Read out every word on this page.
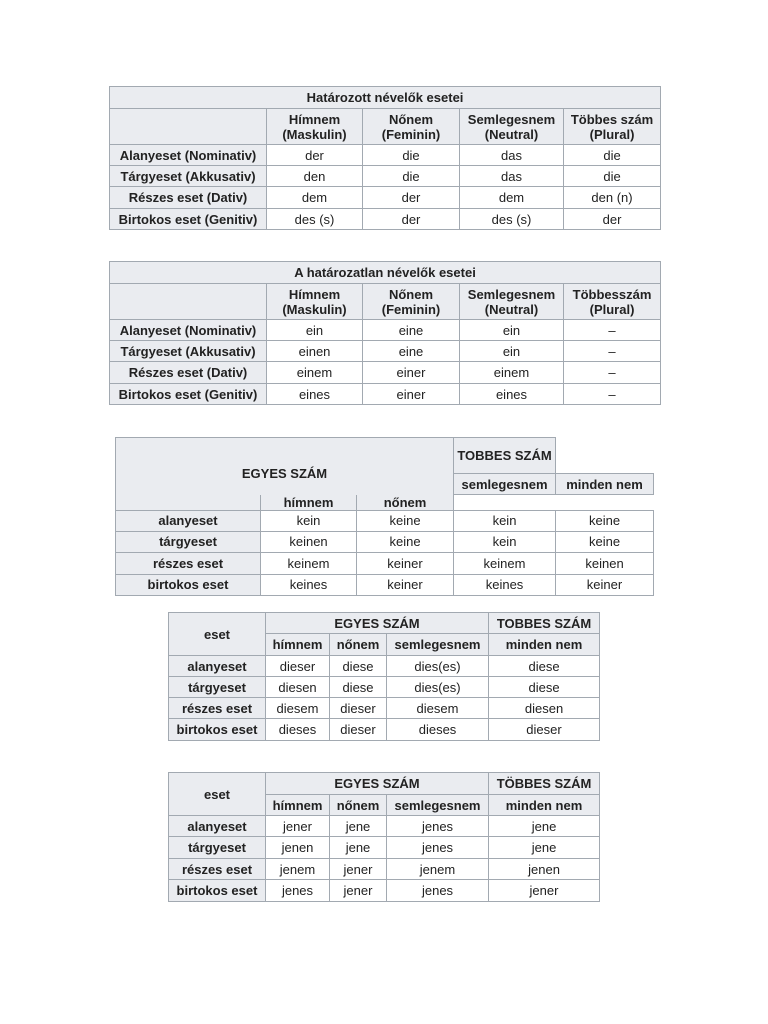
Határozott névelők esetei				
	Hímnem (Maskulin)	Nőnem (Feminin)	Semlegesnem (Neutral)	Többes szám (Plural)
Alanyeset (Nominativ)	der	die	das	die
Tárgyeset (Akkusativ)	den	die	das	die
Részes eset (Dativ)	dem	der	dem	den (n)
Birtokos eset (Genitiv)	des (s)	der	des (s)	der
A határozatlan névelők esetei				
	Hímnem (Maskulin)	Nőnem (Feminin)	Semlegesnem (Neutral)	Többesszám (Plural)
Alanyeset (Nominativ)	ein	eine	ein	–
Tárgyeset (Akkusativ)	einen	eine	ein	–
Részes eset (Dativ)	einem	einer	einem	–
Birtokos eset (Genitiv)	eines	einer	eines	–
EGYES SZÁM			TOBBES SZÁM	
			semlegesnem	minden nem
	hímnem	nőnem	
alanyeset	kein	keine	kein	keine
tárgyeset	keinen	keine	kein	keine
részes eset	keinem	keiner	keinem	keinen
birtokos eset	keines	keiner	keines	keiner
eset	EGYES SZÁM			TOBBES SZÁM
	hímnem	nőnem	semlegesnem	minden nem
alanyeset	dieser	diese	dies(es)	diese
tárgyeset	diesen	diese	dies(es)	diese
részes eset	diesem	dieser	diesem	diesen
birtokos eset	dieses	dieser	dieses	dieser
eset	EGYES SZÁM			TÖBBES SZÁM
	hímnem	nőnem	semlegesnem	minden nem
alanyeset	jener	jene	jenes	jene
tárgyeset	jenen	jene	jenes	jene
részes eset	jenem	jener	jenem	jenen
birtokos eset	jenes	jener	jenes	jener
